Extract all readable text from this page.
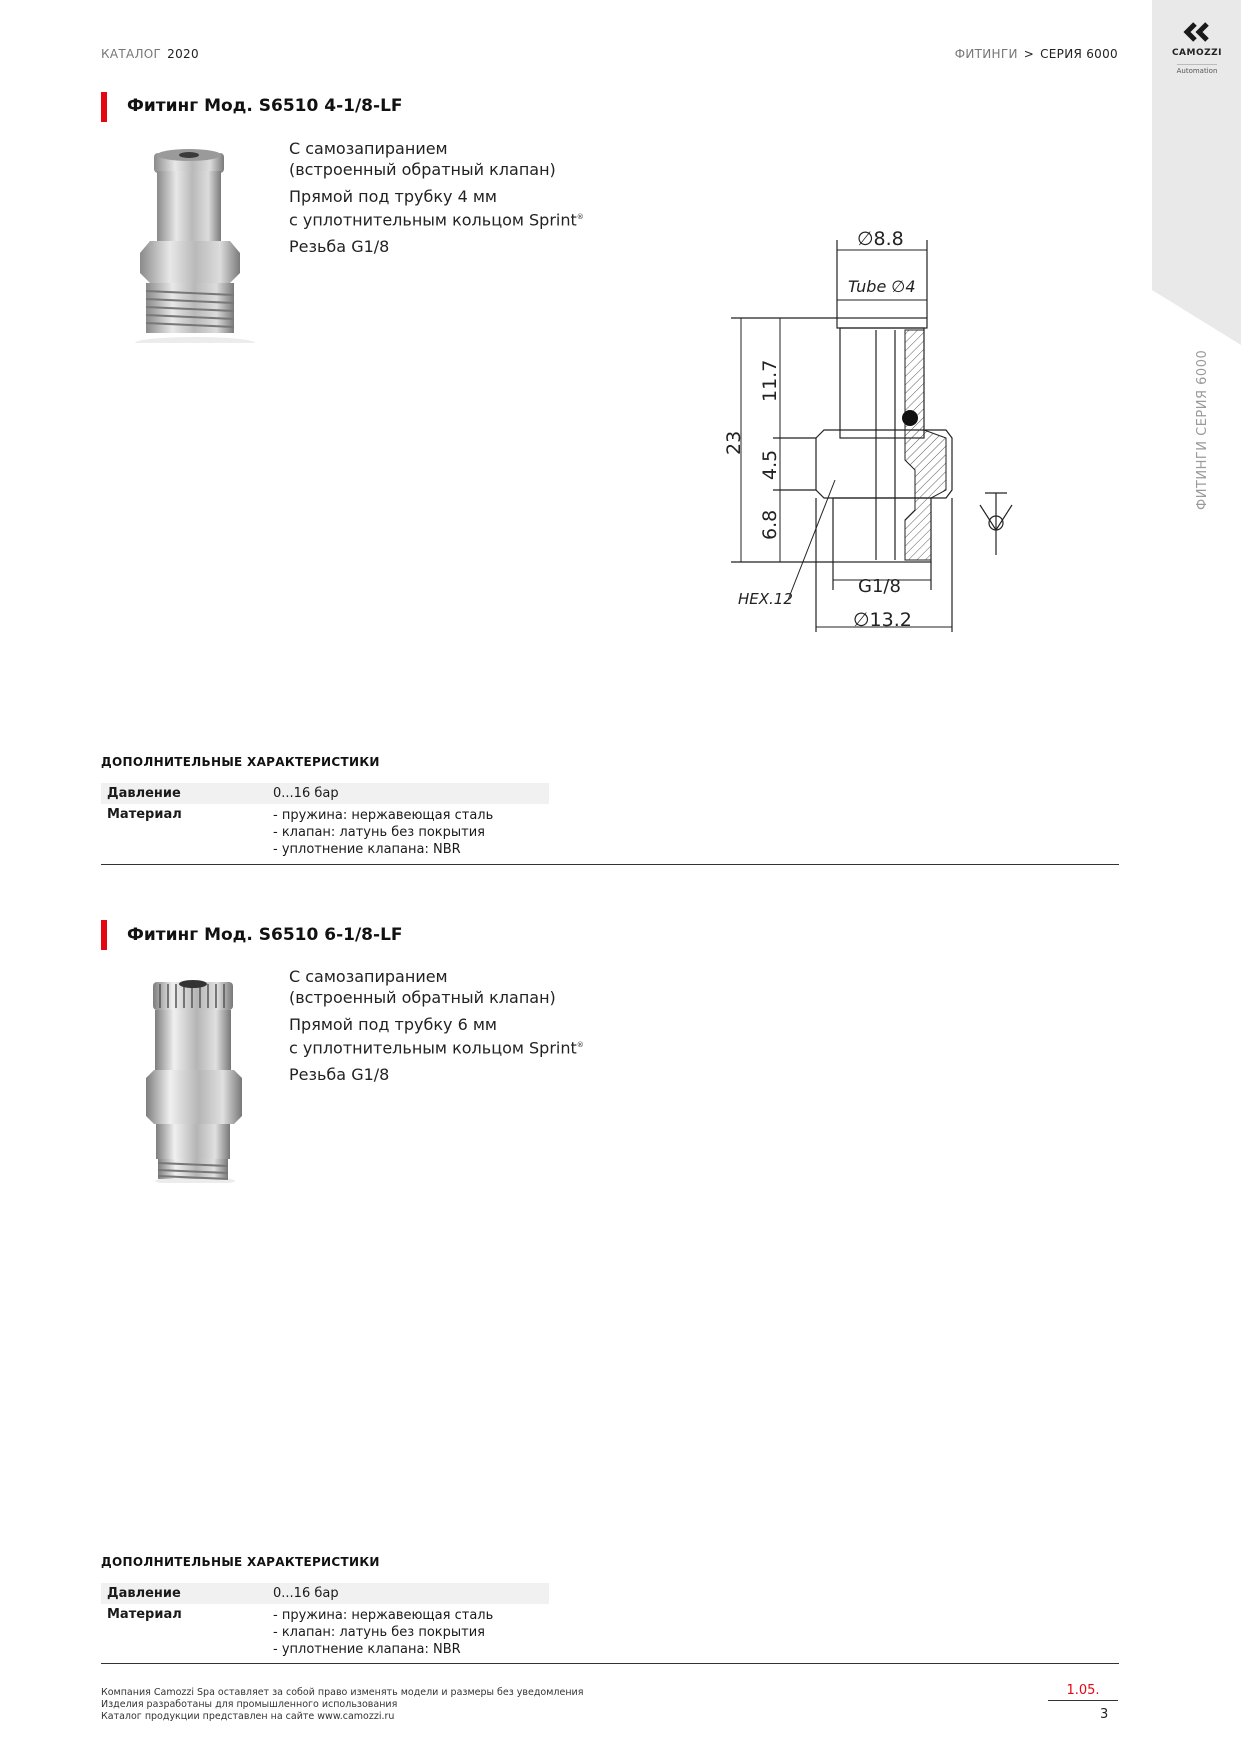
КАТАЛОГ 2020	ФИТИНГИ > СЕРИЯ 6000	CAMOZZI
Automation
ФИТИНГИ СЕРИЯ 6000
Фитинг Мод. S6510 4-1/8-LF

С самозапиранием
(встроенный обратный клапан)

Прямой под трубку 4 мм
с уплотнительным кольцом Sprint®

Резьба G1/8	∅8.8
Tube ∅4
23
11.7
4.5
6.8
HEX.12
G1/8
∅13.2
ДОПОЛНИТЕЛЬНЫЕ ХАРАКТЕРИСТИКИ
Давление	0...16 бар	
Материал	- пружина: нержавеющая сталь
- клапан: латунь без покрытия
- уплотнение клапана: NBR	

Фитинг Мод. S6510 6-1/8-LF

С самозапиранием
(встроенный обратный клапан)

Прямой под трубку 6 мм
с уплотнительным кольцом Sprint®

Резьба G1/8

ДОПОЛНИТЕЛЬНЫЕ ХАРАКТЕРИСТИКИ
Давление	0...16 бар	
Материал	- пружина: нержавеющая сталь
- клапан: латунь без покрытия
- уплотнение клапана: NBR	

Компания Camozzi Spa оставляет за собой право изменять модели и размеры без уведомления
Изделия разработаны для промышленного использования
Каталог продукции представлен на сайте www.camozzi.ru
1.05.
3
